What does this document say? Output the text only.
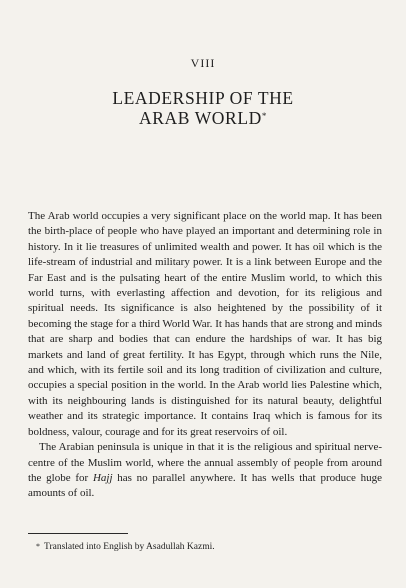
VIII
LEADERSHIP OF THE
ARAB WORLD*

The Arab world occupies a very significant place on the world map. It has been the birth-place of people who have played an important and determining role in history. In it lie treasures of unlimited wealth and power. It has oil which is the life-stream of industrial and military power. It is a link between Europe and the Far East and is the pulsating heart of the entire Muslim world, to which this world turns, with everlasting affection and devotion, for its religious and spiritual needs. Its significance is also heightened by the possibility of it becoming the stage for a third World War. It has hands that are strong and minds that are sharp and bodies that can endure the hardships of war. It has big markets and land of great fertility. It has Egypt, through which runs the Nile, and which, with its fertile soil and its long tradition of civilization and culture, occupies a special position in the world. In the Arab world lies Palestine which, with its neighbouring lands is distinguished for its natural beauty, delightful weather and its strategic importance. It contains Iraq which is famous for its boldness, valour, courage and for its great reservoirs of oil.

The Arabian peninsula is unique in that it is the religious and spiritual nerve-centre of the Muslim world, where the annual assembly of people from around the globe for Hajj has no parallel anywhere. It has wells that produce huge amounts of oil.

* Translated into English by Asadullah Kazmi.
